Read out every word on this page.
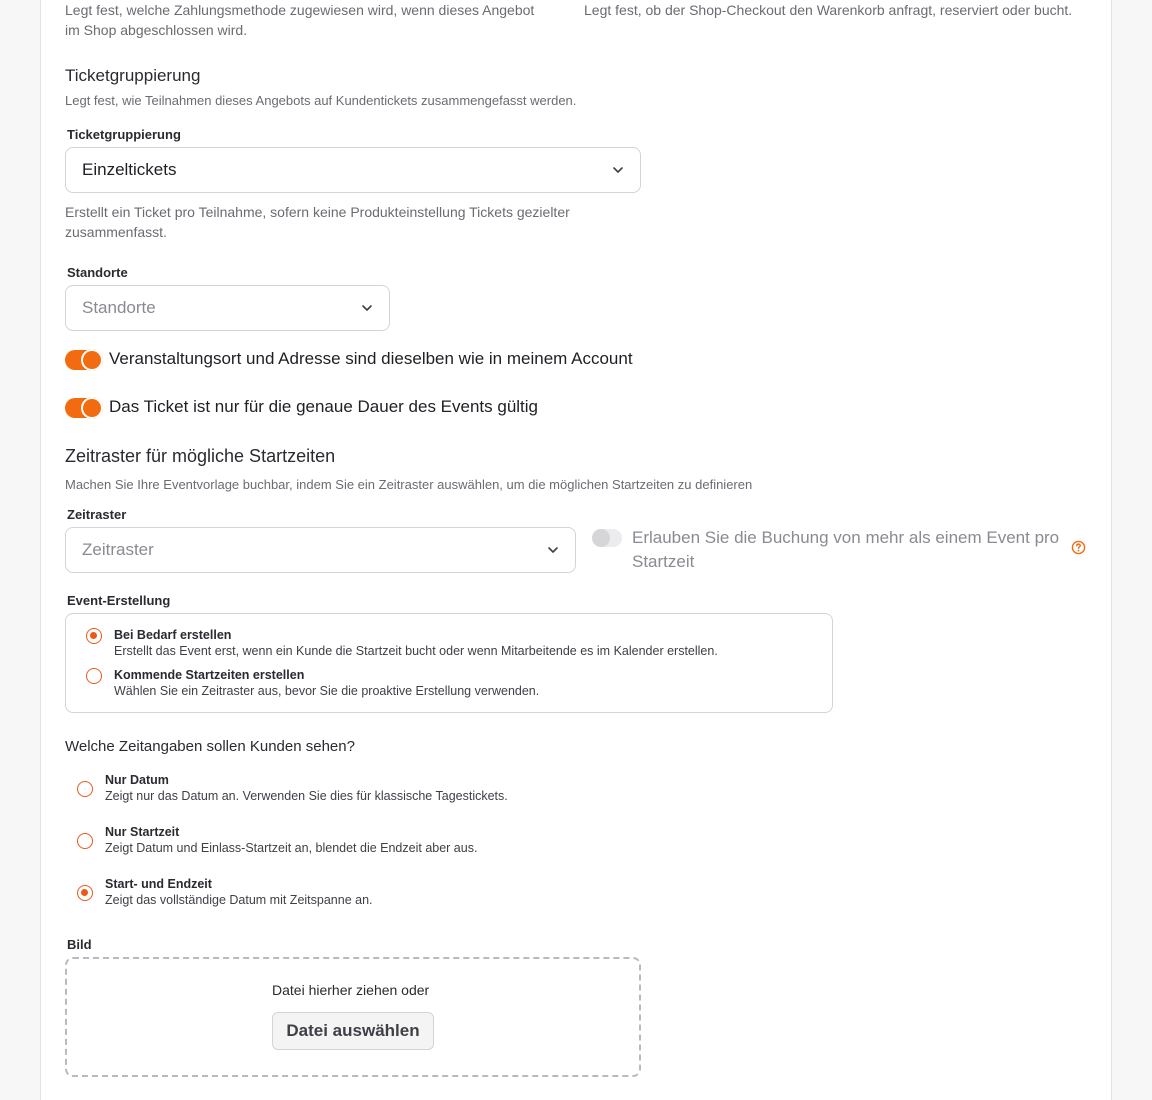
Legt fest, welche Zahlungsmethode zugewiesen wird, wenn dieses Angebot im Shop abgeschlossen wird.
Legt fest, ob der Shop-Checkout den Warenkorb anfragt, reserviert oder bucht.
Ticketgruppierung
Legt fest, wie Teilnahmen dieses Angebots auf Kundentickets zusammengefasst werden.
Ticketgruppierung
Einzeltickets
Erstellt ein Ticket pro Teilnahme, sofern keine Produkteinstellung Tickets gezielter zusammenfasst.
Standorte
Standorte
Veranstaltungsort und Adresse sind dieselben wie in meinem Account
Das Ticket ist nur für die genaue Dauer des Events gültig
Zeitraster für mögliche Startzeiten
Machen Sie Ihre Eventvorlage buchbar, indem Sie ein Zeitraster auswählen, um die möglichen Startzeiten zu definieren
Zeitraster
Zeitraster
Erlauben Sie die Buchung von mehr als einem Event pro Startzeit
Event-Erstellung
Bei Bedarf erstellen
Erstellt das Event erst, wenn ein Kunde die Startzeit bucht oder wenn Mitarbeitende es im Kalender erstellen.
Kommende Startzeiten erstellen
Wählen Sie ein Zeitraster aus, bevor Sie die proaktive Erstellung verwenden.
Welche Zeitangaben sollen Kunden sehen?
Nur Datum
Zeigt nur das Datum an. Verwenden Sie dies für klassische Tagestickets.
Nur Startzeit
Zeigt Datum und Einlass-Startzeit an, blendet die Endzeit aber aus.
Start- und Endzeit
Zeigt das vollständige Datum mit Zeitspanne an.
Bild
Datei hierher ziehen oder
Datei auswählen
